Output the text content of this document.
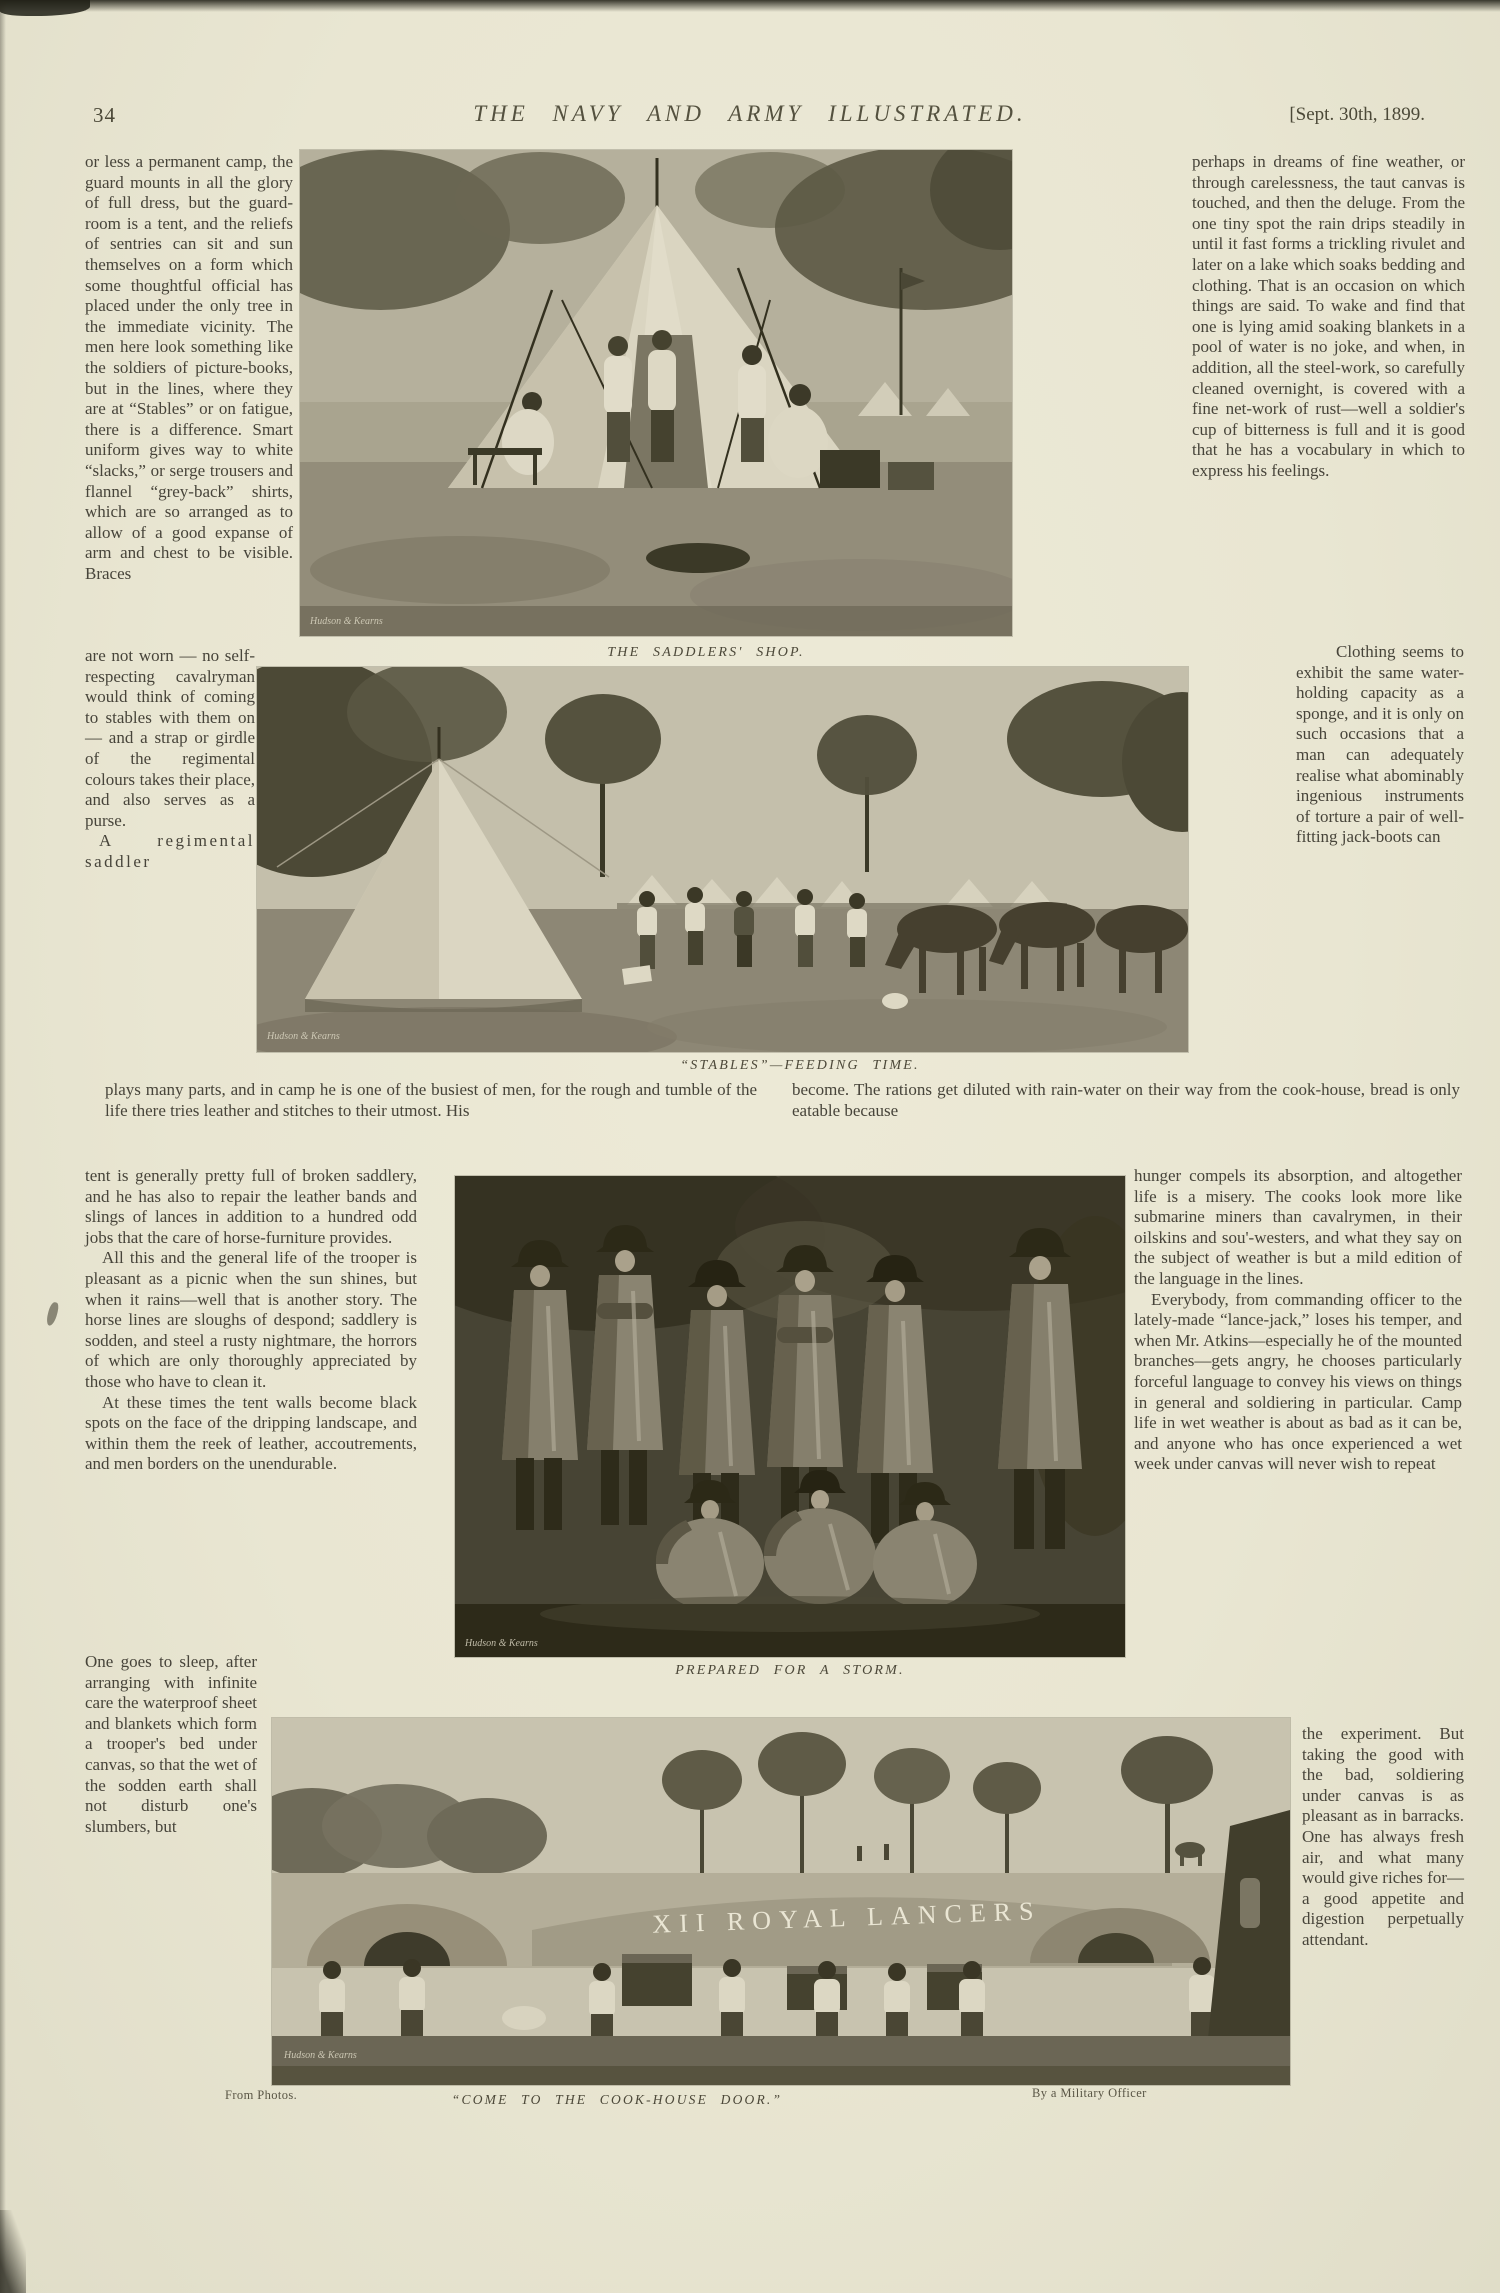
34	THE NAVY AND ARMY ILLUSTRATED.	[Sept. 30th, 1899.

or less a permanent camp, the guard mounts in all the glory of full dress, but the guard-room is a tent, and the reliefs of sentries can sit and sun themselves on a form which some thoughtful official has placed under the only tree in the immediate vicinity. The men here look something like the soldiers of picture-books, but in the lines, where they are at “Stables” or on fatigue, there is a difference. Smart uniform gives way to white “slacks,” or serge trousers and flannel “grey-back” shirts, which are so arranged as to allow of a good expanse of arm and chest to be visible. Braces

are not worn — no self-respecting cavalryman would think of coming to stables with them on — and a strap or girdle of the regimental colours takes their place, and also serves as a purse.

A regimental saddler

plays many parts, and in camp he is one of the busiest of men, for the rough and tumble of the life there tries leather and stitches to their utmost. His

tent is generally pretty full of broken saddlery, and he has also to repair the leather bands and slings of lances in addition to a hundred odd jobs that the care of horse-furniture provides.

All this and the general life of the trooper is pleasant as a picnic when the sun shines, but when it rains—well that is another story. The horse lines are sloughs of despond; saddlery is sodden, and steel a rusty nightmare, the horrors of which are only thoroughly appreciated by those who have to clean it.

At these times the tent walls become black spots on the face of the dripping landscape, and within them the reek of leather, accoutrements, and men borders on the unendurable.

One goes to sleep, after arranging with infinite care the waterproof sheet and blankets which form a trooper's bed under canvas, so that the wet of the sodden earth shall not disturb one's slumbers, but

perhaps in dreams of fine weather, or through carelessness, the taut canvas is touched, and then the deluge. From the one tiny spot the rain drips steadily in until it fast forms a trickling rivulet and later on a lake which soaks bedding and clothing. That is an occasion on which things are said. To wake and find that one is lying amid soaking blankets in a pool of water is no joke, and when, in addition, all the steel-work, so carefully cleaned overnight, is covered with a fine net-work of rust—well a soldier's cup of bitterness is full and it is good that he has a vocabulary in which to express his feelings.

Clothing seems to exhibit the same water-holding capacity as a sponge, and it is only on such occasions that a man can adequately realise what abominably ingenious instruments of torture a pair of well-fitting jack-boots can

become. The rations get diluted with rain-water on their way from the cook-house, bread is only eatable because

hunger compels its absorption, and altogether life is a misery. The cooks look more like submarine miners than cavalrymen, in their oilskins and sou'-westers, and what they say on the subject of weather is but a mild edition of the language in the lines.

Everybody, from commanding officer to the lately-made “lance-jack,” loses his temper, and when Mr. Atkins—especially he of the mounted branches—gets angry, he chooses particularly forceful language to convey his views on things in general and soldiering in particular. Camp life in wet weather is about as bad as it can be, and anyone who has once experienced a wet week under canvas will never wish to repeat

the experiment. But taking the good with the bad, soldiering under canvas is as pleasant as in barracks. One has always fresh air, and what many would give riches for—a good appetite and digestion perpetually attendant.

Hudson & Kearns
THE SADDLERS' SHOP.
Hudson & Kearns
“STABLES”—FEEDING TIME.
Hudson & Kearns
PREPARED FOR A STORM.
XII ROYAL LANCERS
Hudson & Kearns
From Photos.	“COME TO THE COOK-HOUSE DOOR.”	By a Military Officer
